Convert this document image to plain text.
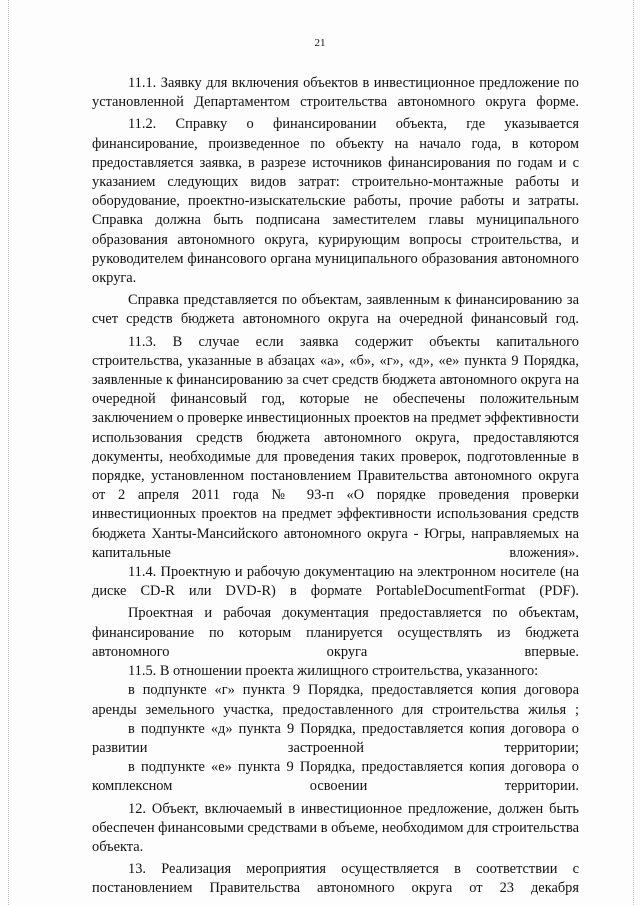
21

11.1. Заявку для включения объектов в инвестиционное предложение по установленной Департаментом строительства автономного округа форме.

11.2. Справку о финансировании объекта, где указывается финансирование, произведенное по объекту на начало года, в котором предоставляется заявка, в разрезе источников финансирования по годам и с указанием следующих видов затрат: строительно-монтажные работы и оборудование, проектно-изыскательские работы, прочие работы и затраты. Справка должна быть подписана заместителем главы муниципального образования автономного округа, курирующим вопросы строительства, и руководителем финансового органа муниципального образования автономного округа.

Справка представляется по объектам, заявленным к финансированию за счет средств бюджета автономного округа на очередной финансовый год.

11.3. В случае если заявка содержит объекты капитального строительства, указанные в абзацах «а», «б», «г», «д», «е» пункта 9 Порядка, заявленные к финансированию за счет средств бюджета автономного округа на очередной финансовый год, которые не обеспечены положительным заключением о проверке инвестиционных проектов на предмет эффективности использования средств бюджета автономного округа, предоставляются документы, необходимые для проведения таких проверок, подготовленные в порядке, установленном постановлением Правительства автономного округа от 2 апреля 2011 года № 93-п «О порядке проведения проверки инвестиционных проектов на предмет эффективности использования средств бюджета Ханты-Мансийского автономного округа - Югры, направляемых на капитальные вложения».

11.4. Проектную и рабочую документацию на электронном носителе (на диске CD-R или DVD-R) в формате PortableDocumentFormat (PDF).

Проектная и рабочая документация предоставляется по объектам, финансирование по которым планируется осуществлять из бюджета автономного округа впервые.

11.5. В отношении проекта жилищного строительства, указанного:

в подпункте «г» пункта 9 Порядка, предоставляется копия договора аренды земельного участка, предоставленного для строительства жилья ;

в подпункте «д» пункта 9 Порядка, предоставляется копия договора о развитии застроенной территории;

в подпункте «е» пункта 9 Порядка, предоставляется копия договора о комплексном освоении территории.

12. Объект, включаемый в инвестиционное предложение, должен быть обеспечен финансовыми средствами в объеме, необходимом для строительства объекта.

13. Реализация мероприятия осуществляется в соответствии с постановлением Правительства автономного округа от 23 декабря
